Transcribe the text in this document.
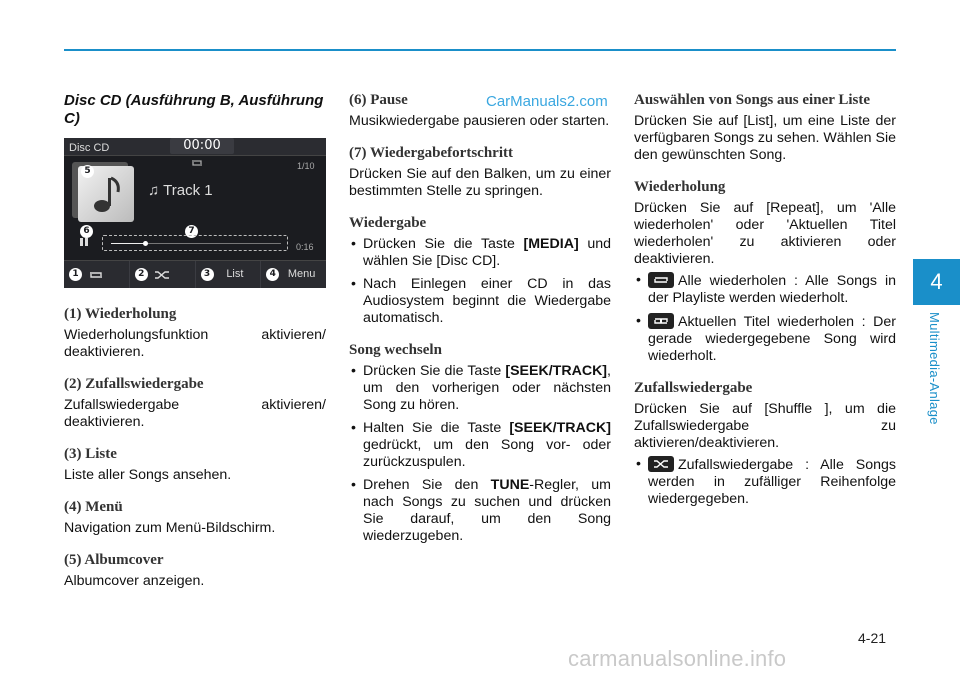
CarManuals2.com
4
Multimedia-Anlage
Disc CD (Ausführung B, Ausführung C)
Disc CD	00:00
1/10
5
♫ Track 1
6	7
0:16
1	2	3	List	4	Menu
(1) Wiederholung
Wiederholungsfunktion aktivieren/ deaktivieren.
(2) Zufallswiedergabe
Zufallswiedergabe aktivieren/ deaktivieren.
(3) Liste
Liste aller Songs ansehen.
(4) Menü
Navigation zum Menü-Bildschirm.
(5) Albumcover
Albumcover anzeigen.
(6) Pause
Musikwiedergabe pausieren oder starten.
(7) Wiedergabefortschritt
Drücken Sie auf den Balken, um zu einer bestimmten Stelle zu springen.
Wiedergabe
• Drücken Sie die Taste [MEDIA] und wählen Sie [Disc CD].
• Nach Einlegen einer CD in das Audiosystem beginnt die Wiedergabe automatisch.
Song wechseln
• Drücken Sie die Taste [SEEK/TRACK], um den vorherigen oder nächsten Song zu hören.
• Halten Sie die Taste [SEEK/TRACK] gedrückt, um den Song vor- oder zurückzuspulen.
• Drehen Sie den TUNE-Regler, um nach Songs zu suchen und drücken Sie darauf, um den Song wiederzugeben.
Auswählen von Songs aus einer Liste
Drücken Sie auf [List], um eine Liste der verfügbaren Songs zu sehen. Wählen Sie den gewünschten Song.
Wiederholung
Drücken Sie auf [Repeat], um 'Alle wiederholen' oder 'Aktuellen Titel wiederholen' zu aktivieren oder deaktivieren.
• Alle wiederholen : Alle Songs in der Playliste werden wiederholt.
• Aktuellen Titel wiederholen : Der gerade wiedergegebene Song wird wiederholt.
Zufallswiedergabe
Drücken Sie auf [Shuffle ], um die Zufallswiedergabe zu aktivieren/deaktivieren.
• Zufallswiedergabe : Alle Songs werden in zufälliger Reihenfolge wiedergegeben.
4-21
carmanualsonline.info
